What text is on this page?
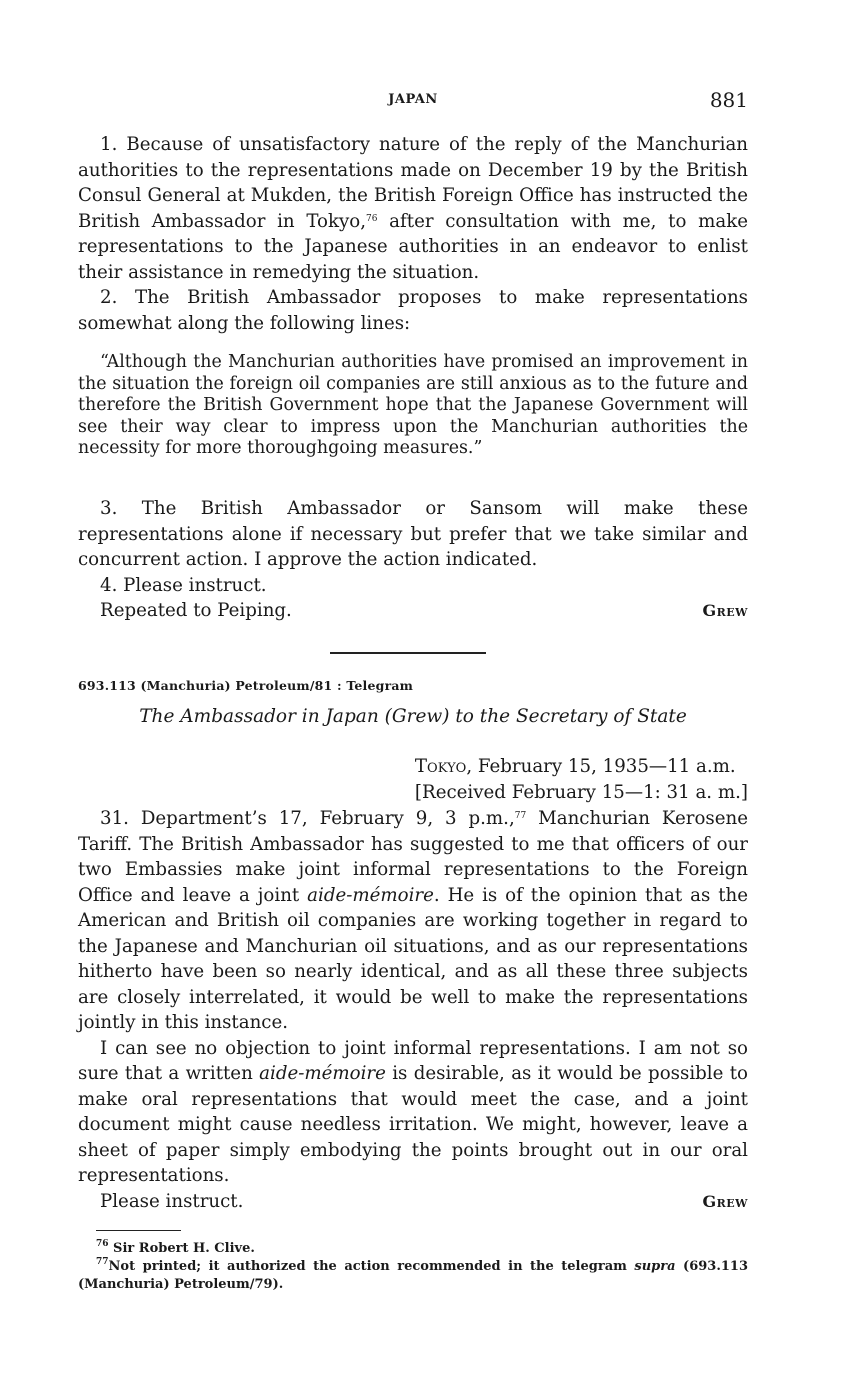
JAPAN	881

1. Because of unsatisfactory nature of the reply of the Manchurian authorities to the representations made on December 19 by the British Consul General at Mukden, the British Foreign Office has instructed the British Ambassador in Tokyo,$^{76}$ after consultation with me, to make representations to the Japanese authorities in an endeavor to enlist their assistance in remedying the situation.

2. The British Ambassador proposes to make representations somewhat along the following lines:

“Although the Manchurian authorities have promised an improvement in the situation the foreign oil companies are still anxious as to the future and therefore the British Government hope that the Japanese Government will see their way clear to impress upon the Manchurian authorities the necessity for more thoroughgoing measures.”

3. The British Ambassador or Sansom will make these representations alone if necessary but prefer that we take similar and concurrent action. I approve the action indicated.

4. Please instruct.

Repeated to Peiping.	Grew

693.113 (Manchuria) Petroleum/81 : Telegram
The Ambassador in Japan (Grew) to the Secretary of State
Tokyo, February 15, 1935—11 a.m.
[Received February 15—1: 31 a. m.]

31. Department’s 17, February 9, 3 p.m.,$^{77}$ Manchurian Kerosene Tariff. The British Ambassador has suggested to me that officers of our two Embassies make joint informal representations to the Foreign Office and leave a joint aide-mémoire. He is of the opinion that as the American and British oil companies are working together in regard to the Japanese and Manchurian oil situations, and as our representations hitherto have been so nearly identical, and as all these three subjects are closely interrelated, it would be well to make the representations jointly in this instance.

I can see no objection to joint informal representations. I am not so sure that a written aide-mémoire is desirable, as it would be possible to make oral representations that would meet the case, and a joint document might cause needless irritation. We might, however, leave a sheet of paper simply embodying the points brought out in our oral representations.

Please instruct.	Grew

$^{76}$ Sir Robert H. Clive.
$^{77}$Not printed; it authorized the action recommended in the telegram supra (693.113 (Manchuria) Petroleum/79).
